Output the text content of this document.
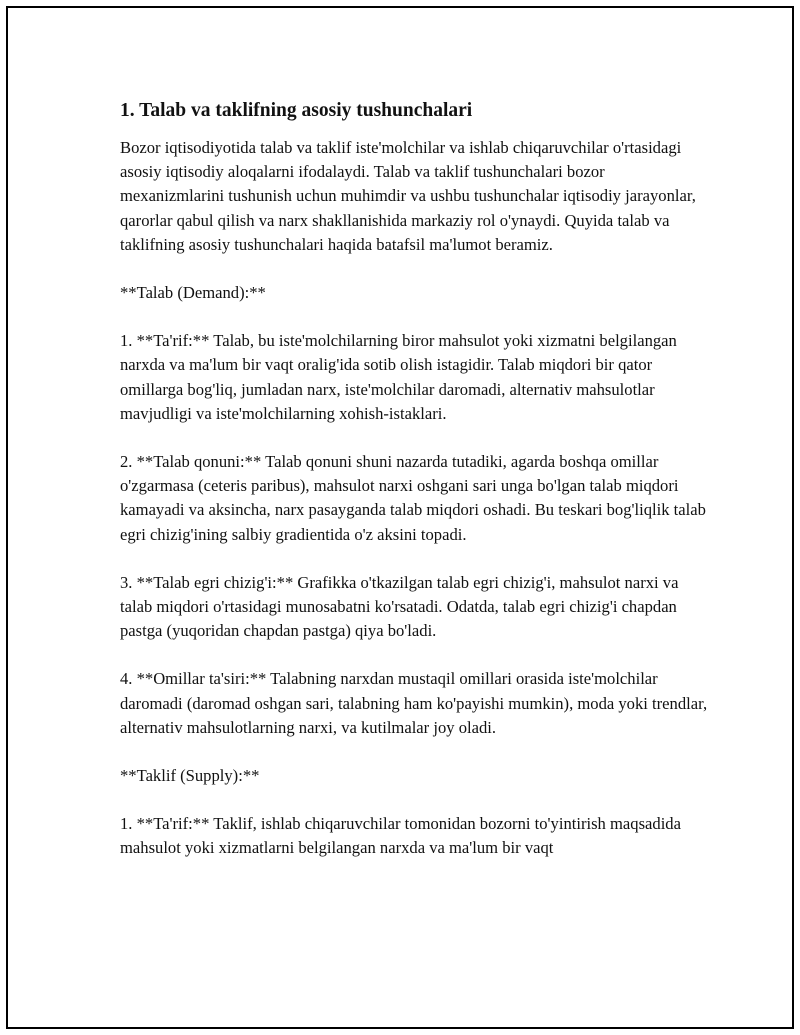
1. Talab va taklifning asosiy tushunchalari

Bozor iqtisodiyotida talab va taklif iste'molchilar va ishlab chiqaruvchilar o'rtasidagi asosiy iqtisodiy aloqalarni ifodalaydi. Talab va taklif tushunchalari bozor mexanizmlarini tushunish uchun muhimdir va ushbu tushunchalar iqtisodiy jarayonlar, qarorlar qabul qilish va narx shakllanishida markaziy rol o'ynaydi. Quyida talab va taklifning asosiy tushunchalari haqida batafsil ma'lumot beramiz.

**Talab (Demand):**

1. **Ta'rif:** Talab, bu iste'molchilarning biror mahsulot yoki xizmatni belgilangan narxda va ma'lum bir vaqt oralig'ida sotib olish istagidir. Talab miqdori bir qator omillarga bog'liq, jumladan narx, iste'molchilar daromadi, alternativ mahsulotlar mavjudligi va iste'molchilarning xohish-istaklari.

2. **Talab qonuni:** Talab qonuni shuni nazarda tutadiki, agarda boshqa omillar o'zgarmasa (ceteris paribus), mahsulot narxi oshgani sari unga bo'lgan talab miqdori kamayadi va aksincha, narx pasayganda talab miqdori oshadi. Bu teskari bog'liqlik talab egri chizig'ining salbiy gradientida o'z aksini topadi.

3. **Talab egri chizig'i:** Grafikka o'tkazilgan talab egri chizig'i, mahsulot narxi va talab miqdori o'rtasidagi munosabatni ko'rsatadi. Odatda, talab egri chizig'i chapdan pastga (yuqoridan chapdan pastga) qiya bo'ladi.

4. **Omillar ta'siri:** Talabning narxdan mustaqil omillari orasida iste'molchilar daromadi (daromad oshgan sari, talabning ham ko'payishi mumkin), moda yoki trendlar, alternativ mahsulotlarning narxi, va kutilmalar joy oladi.

**Taklif (Supply):**

1. **Ta'rif:** Taklif, ishlab chiqaruvchilar tomonidan bozorni to'yintirish maqsadida mahsulot yoki xizmatlarni belgilangan narxda va ma'lum bir vaqt
